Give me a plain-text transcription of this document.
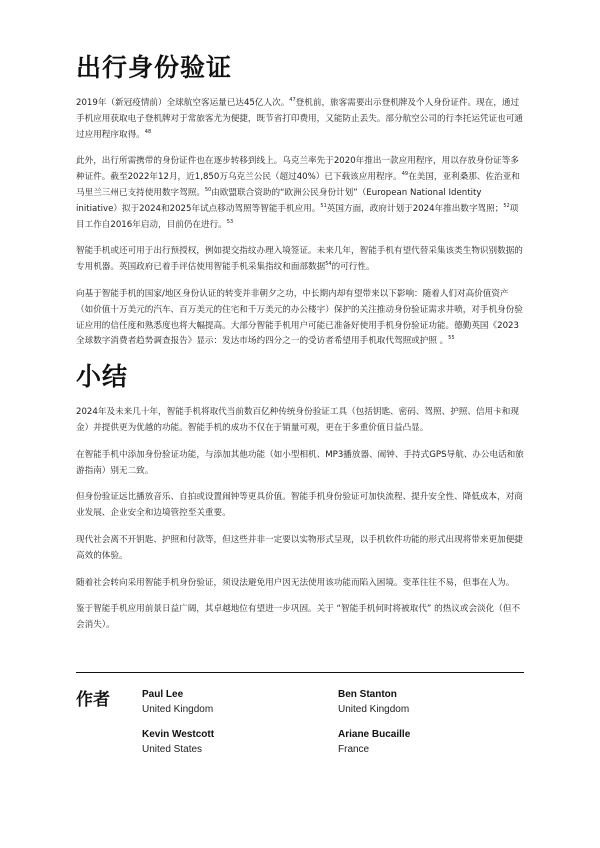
出行身份验证

2019年（新冠疫情前）全球航空客运量已达45亿人次。$^{47}$登机前，旅客需要出示登机牌及个人身份证件。现在，通过手机应用获取电子登机牌对于常旅客尤为便捷，既节省打印费用，又能防止丢失。部分航空公司的行李托运凭证也可通过应用程序取得。$^{48}$

此外，出行所需携带的身份证件也在逐步转移到线上。乌克兰率先于2020年推出一款应用程序，用以存放身份证等多种证件。截至2022年12月，近1,850万乌克兰公民（超过40%）已下载该应用程序。$^{49}$在美国，亚利桑那、佐治亚和马里兰三州已支持使用数字驾照。$^{50}$由欧盟联合资助的“欧洲公民身份计划”（European National Identity initiative）拟于2024和2025年试点移动驾照等智能手机应用。$^{51}$英国方面，政府计划于2024年推出数字驾照；$^{52}$项目工作自2016年启动，目前仍在进行。$^{53}$

智能手机或还可用于出行预授权，例如提交指纹办理入境签证。未来几年，智能手机有望代替采集该类生物识别数据的专用机器。英国政府已着手评估使用智能手机采集指纹和面部数据$^{54}$的可行性。

向基于智能手机的国家/地区身份认证的转变并非朝夕之功，中长期内却有望带来以下影响：随着人们对高价值资产（如价值十万美元的汽车、百万美元的住宅和千万美元的办公楼宇）保护的关注推动身份验证需求井喷，对手机身份验证应用的信任度和熟悉度也将大幅提高。大部分智能手机用户可能已准备好使用手机身份验证功能。德勤英国《2023全球数字消费者趋势调查报告》显示：发达市场约四分之一的受访者希望用手机取代驾照或护照 。$^{55}$

小结

2024年及未来几十年，智能手机将取代当前数百亿种传统身份验证工具（包括钥匙、密码、驾照、护照、信用卡和现金）并提供更为优越的功能。智能手机的成功不仅在于销量可观，更在于多重价值日益凸显。

在智能手机中添加身份验证功能，与添加其他功能（如小型相机、MP3播放器、闹钟、手持式GPS导航、办公电话和旅游指南）别无二致。

但身份验证远比播放音乐、自拍或设置闹钟等更具价值。智能手机身份验证可加快流程、提升安全性、降低成本，对商业发展、企业安全和边境管控至关重要。

现代社会离不开钥匙、护照和付款等，但这些并非一定要以实物形式呈现，以手机软件功能的形式出现将带来更加便捷高效的体验。

随着社会转向采用智能手机身份验证，须设法避免用户因无法使用该功能而陷入困境。变革往往不易，但事在人为。

鉴于智能手机应用前景日益广阔，其卓越地位有望进一步巩固。关于 “智能手机何时将被取代” 的热议或会淡化（但不会消失）。

作者	Paul Lee
United Kingdom
Ben Stanton
United Kingdom
Kevin Westcott
United States
Ariane Bucaille
France
